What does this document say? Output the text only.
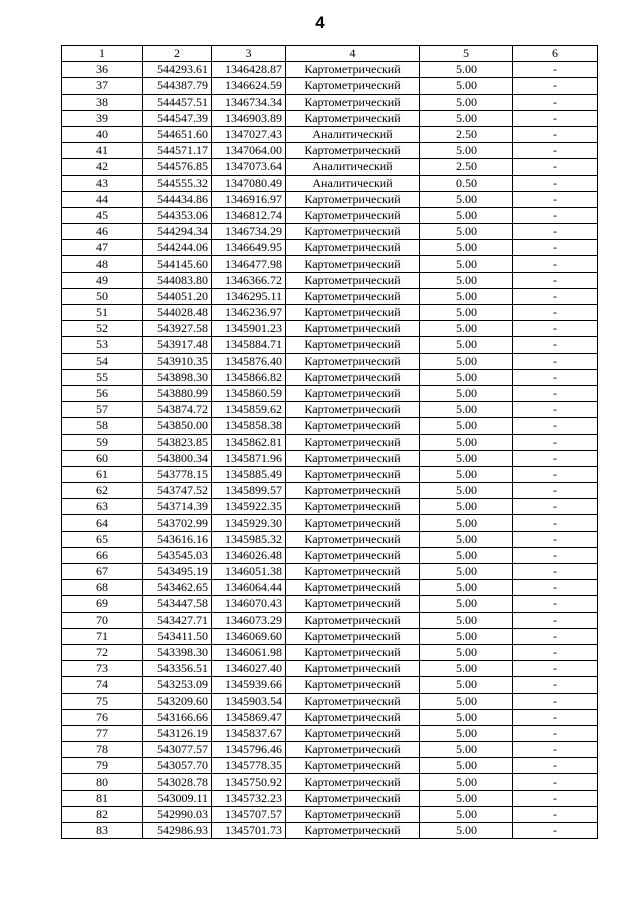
4
1	2	3	4	5	6
36	544293.61	1346428.87	Картометрический	5.00	-
37	544387.79	1346624.59	Картометрический	5.00	-
38	544457.51	1346734.34	Картометрический	5.00	-
39	544547.39	1346903.89	Картометрический	5.00	-
40	544651.60	1347027.43	Аналитический	2.50	-
41	544571.17	1347064.00	Картометрический	5.00	-
42	544576.85	1347073.64	Аналитический	2.50	-
43	544555.32	1347080.49	Аналитический	0.50	-
44	544434.86	1346916.97	Картометрический	5.00	-
45	544353.06	1346812.74	Картометрический	5.00	-
46	544294.34	1346734.29	Картометрический	5.00	-
47	544244.06	1346649.95	Картометрический	5.00	-
48	544145.60	1346477.98	Картометрический	5.00	-
49	544083.80	1346366.72	Картометрический	5.00	-
50	544051.20	1346295.11	Картометрический	5.00	-
51	544028.48	1346236.97	Картометрический	5.00	-
52	543927.58	1345901.23	Картометрический	5.00	-
53	543917.48	1345884.71	Картометрический	5.00	-
54	543910.35	1345876.40	Картометрический	5.00	-
55	543898.30	1345866.82	Картометрический	5.00	-
56	543880.99	1345860.59	Картометрический	5.00	-
57	543874.72	1345859.62	Картометрический	5.00	-
58	543850.00	1345858.38	Картометрический	5.00	-
59	543823.85	1345862.81	Картометрический	5.00	-
60	543800.34	1345871.96	Картометрический	5.00	-
61	543778.15	1345885.49	Картометрический	5.00	-
62	543747.52	1345899.57	Картометрический	5.00	-
63	543714.39	1345922.35	Картометрический	5.00	-
64	543702.99	1345929.30	Картометрический	5.00	-
65	543616.16	1345985.32	Картометрический	5.00	-
66	543545.03	1346026.48	Картометрический	5.00	-
67	543495.19	1346051.38	Картометрический	5.00	-
68	543462.65	1346064.44	Картометрический	5.00	-
69	543447.58	1346070.43	Картометрический	5.00	-
70	543427.71	1346073.29	Картометрический	5.00	-
71	543411.50	1346069.60	Картометрический	5.00	-
72	543398.30	1346061.98	Картометрический	5.00	-
73	543356.51	1346027.40	Картометрический	5.00	-
74	543253.09	1345939.66	Картометрический	5.00	-
75	543209.60	1345903.54	Картометрический	5.00	-
76	543166.66	1345869.47	Картометрический	5.00	-
77	543126.19	1345837.67	Картометрический	5.00	-
78	543077.57	1345796.46	Картометрический	5.00	-
79	543057.70	1345778.35	Картометрический	5.00	-
80	543028.78	1345750.92	Картометрический	5.00	-
81	543009.11	1345732.23	Картометрический	5.00	-
82	542990.03	1345707.57	Картометрический	5.00	-
83	542986.93	1345701.73	Картометрический	5.00	-
